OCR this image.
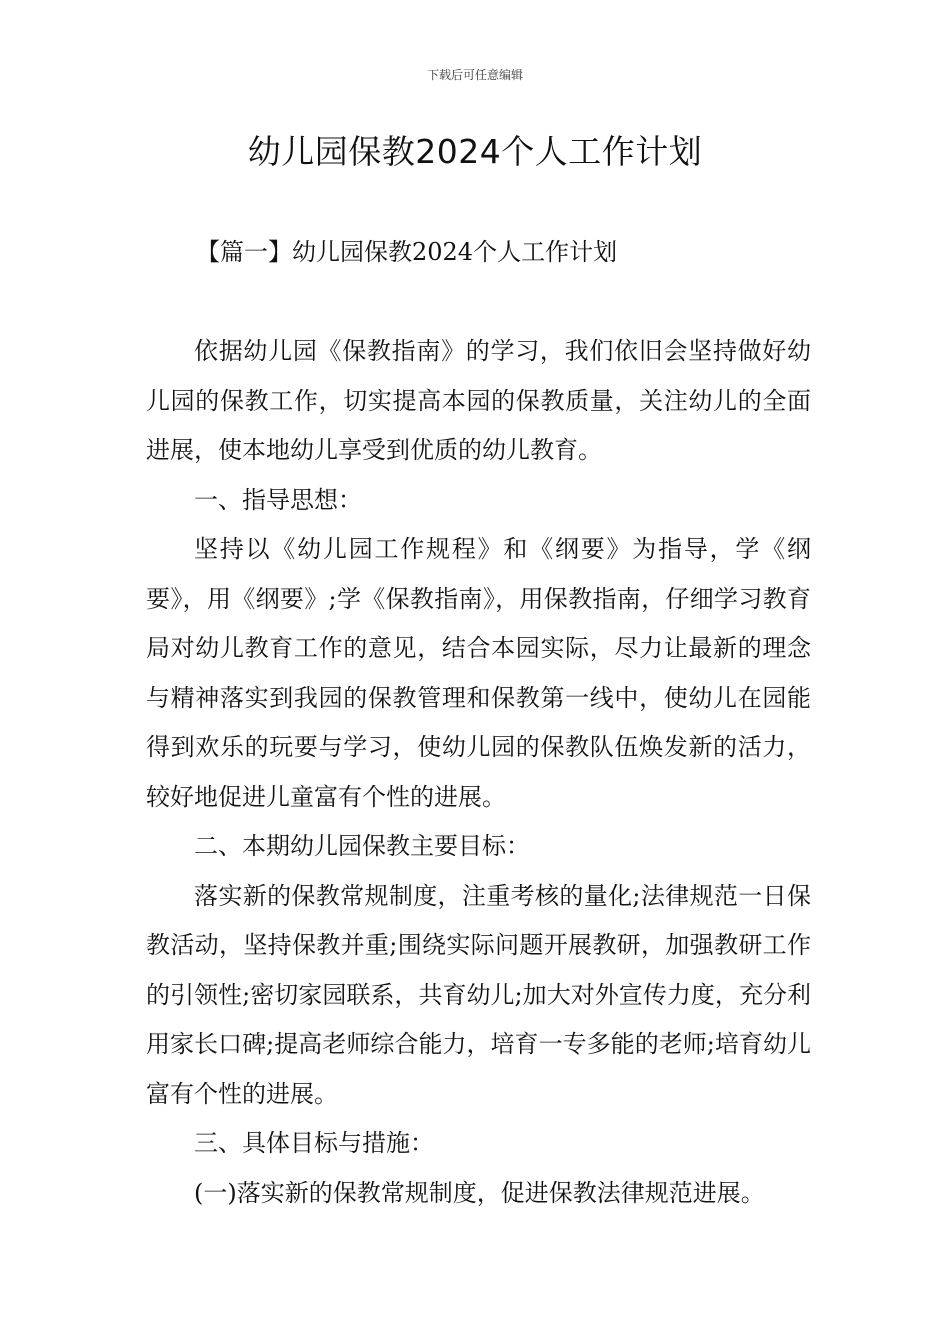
下载后可任意编辑
幼儿园保教2024个人工作计划

【篇一】幼儿园保教2024个人工作计划

依据幼儿园《保教指南》的学习，我们依旧会坚持做好幼儿园的保教工作，切实提高本园的保教质量，关注幼儿的全面进展，使本地幼儿享受到优质的幼儿教育。

一、指导思想：

坚持以《幼儿园工作规程》和《纲要》为指导，学《纲要》，用《纲要》;学《保教指南》，用保教指南，仔细学习教育局对幼儿教育工作的意见，结合本园实际，尽力让最新的理念与精神落实到我园的保教管理和保教第一线中，使幼儿在园能得到欢乐的玩要与学习，使幼儿园的保教队伍焕发新的活力，较好地促进儿童富有个性的进展。

二、本期幼儿园保教主要目标：

落实新的保教常规制度，注重考核的量化;法律规范一日保教活动，坚持保教并重;围绕实际问题开展教研，加强教研工作的引领性;密切家园联系，共育幼儿;加大对外宣传力度，充分利用家长口碑;提高老师综合能力，培育一专多能的老师;培育幼儿富有个性的进展。

三、具体目标与措施：

(一)落实新的保教常规制度，促进保教法律规范进展。
